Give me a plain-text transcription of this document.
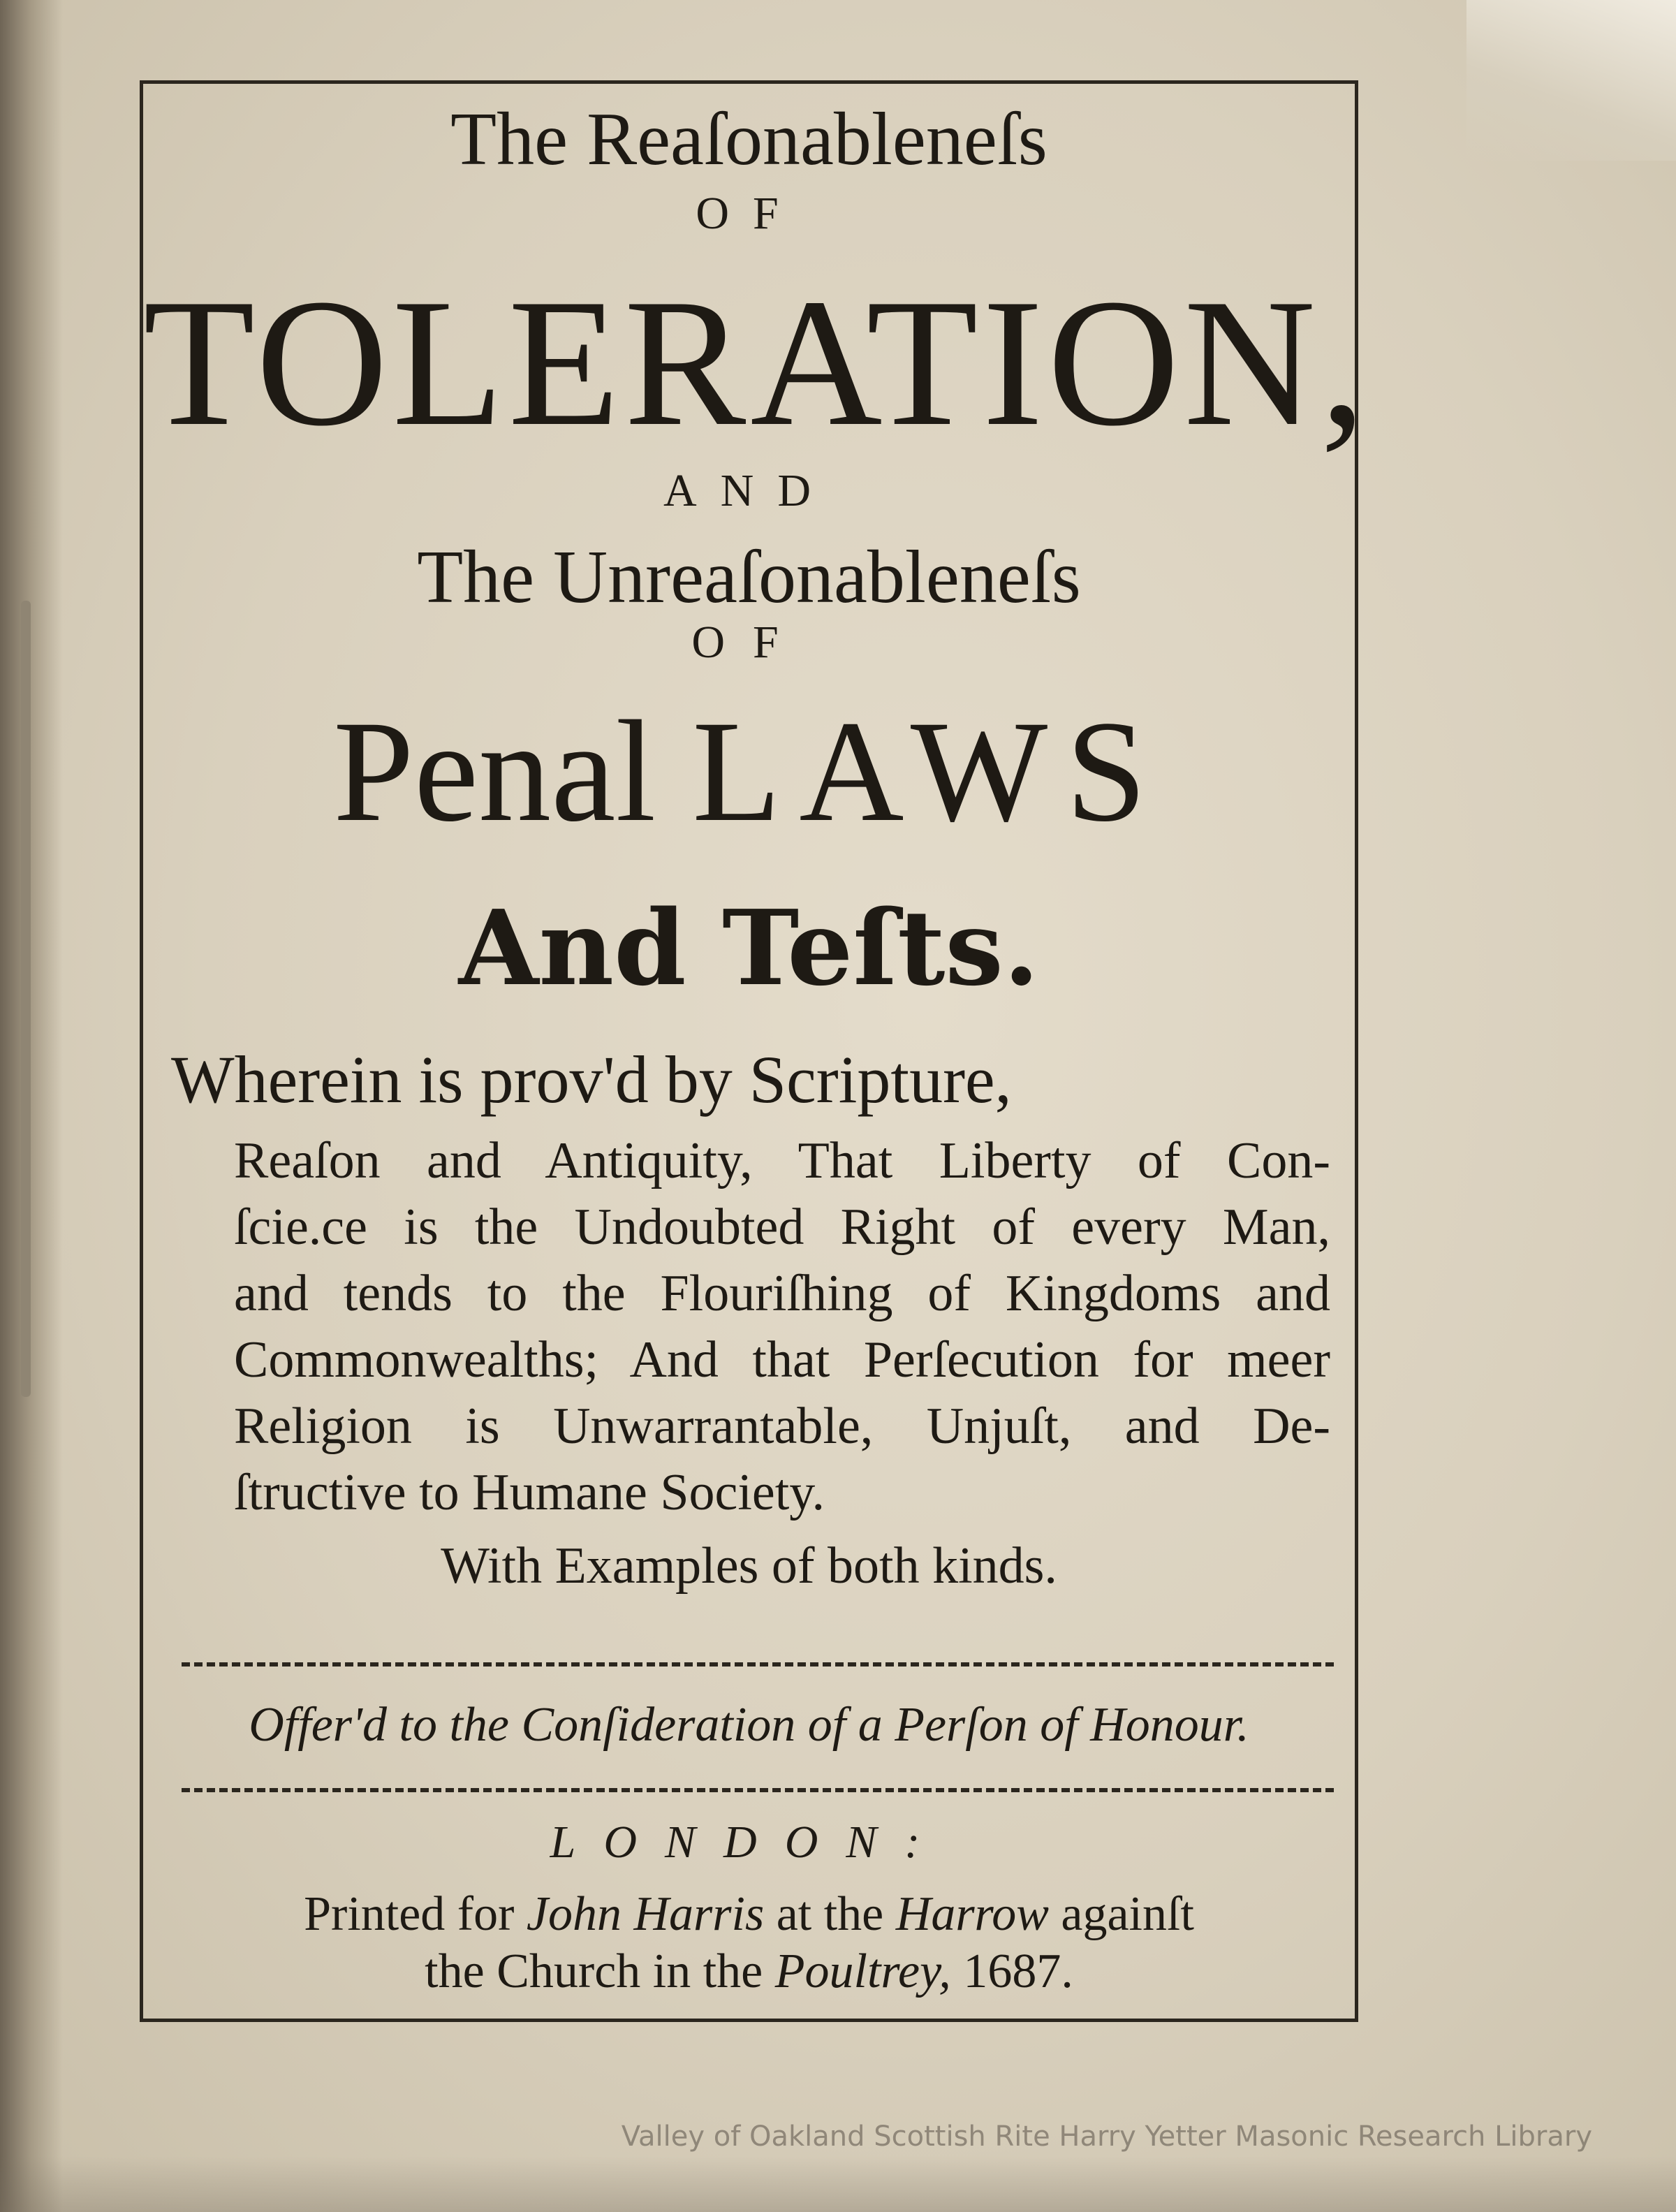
The Reaſonableneſs

OF

TOLERATION,

AND

The Unreaſonableneſs

OF

Penal LAWS

And Teſts.

Wherein is prov'd by Scripture,

Reaſon and Antiquity, That Liberty of Con-

ſcie.ce is the Undoubted Right of every Man,

and tends to the Flouriſhing of Kingdoms and

Commonwealths; And that Perſecution for meer

Religion is Unwarrantable, Unjuſt, and De-

ſtructive to Humane Society.

With Examples of both kinds.

Offer'd to the Conſideration of a Perſon of Honour.

LONDON:

Printed for John Harris at the Harrow againſt
the Church in the Poultrey, 1687.
Valley of Oakland Scottish Rite Harry Yetter Masonic Research Library
